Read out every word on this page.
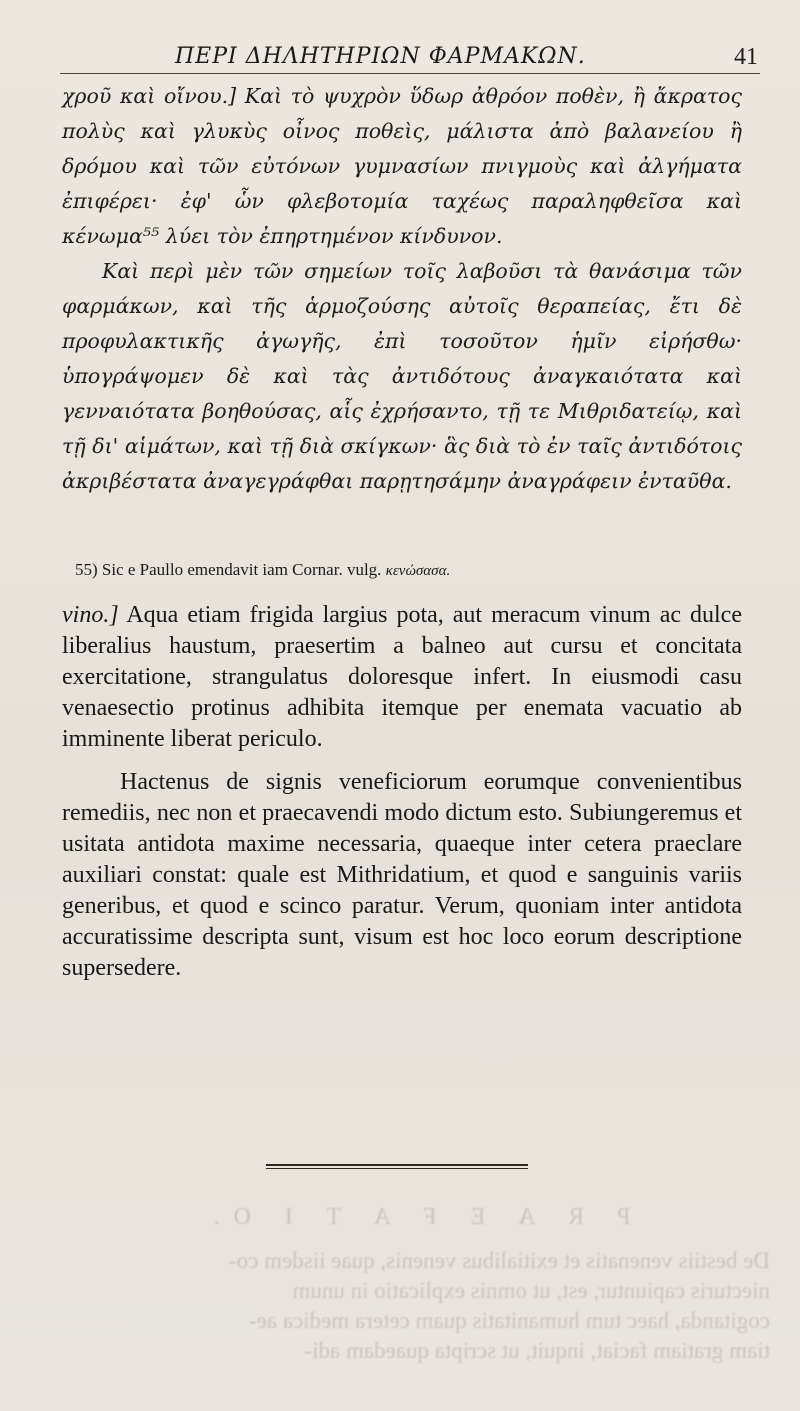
ΠΕΡΙ ΔΗΛΗΤΗΡΙΩΝ ΦΑΡΜΑΚΩΝ.	41

χροῦ καὶ οἴνου.] Καὶ τὸ ψυχρὸν ὕδωρ ἀθρόον ποθὲν, ἢ ἄκρατος πολὺς καὶ γλυκὺς οἶνος ποθεὶς, μάλιστα ἀπὸ βαλανείου ἢ δρόμου καὶ τῶν εὐτόνων γυμνασίων πνιγμοὺς καὶ ἀλγήματα ἐπιφέρει· ἐφ' ὧν φλεβοτομία ταχέως παραληφθεῖσα καὶ κένωμα⁵⁵ λύει τὸν ἐπηρτημένον κίνδυνον.

Καὶ περὶ μὲν τῶν σημείων τοῖς λαβοῦσι τὰ θανάσιμα τῶν φαρμάκων, καὶ τῆς ἁρμοζούσης αὐτοῖς θεραπείας, ἔτι δὲ προφυλακτικῆς ἀγωγῆς, ἐπὶ τοσοῦτον ἡμῖν εἰρήσθω· ὑπογράψομεν δὲ καὶ τὰς ἀντιδότους ἀναγκαιότατα καὶ γενναιότατα βοηθούσας, αἷς ἐχρήσαντο, τῇ τε Μιθριδατείῳ, καὶ τῇ δι' αἱμάτων, καὶ τῇ διὰ σκίγκων· ἃς διὰ τὸ ἐν ταῖς ἀντιδότοις ἀκριβέστατα ἀναγεγράφθαι παρῃτησάμην ἀναγράφειν ἐνταῦθα.

55) Sic e Paullo emendavit iam Cornar. vulg. κενώσασα.

vino.] Aqua etiam frigida largius pota, aut meracum vinum ac dulce liberalius haustum, praesertim a balneo aut cursu et concitata exercitatione, strangulatus doloresque infert. In eiusmodi casu venaesectio protinus adhibita itemque per enemata vacuatio ab imminente liberat periculo.

Hactenus de signis veneficiorum eorumque convenientibus remediis, nec non et praecavendi modo dictum esto. Subiungeremus et usitata antidota maxime necessaria, quaeque inter cetera praeclare auxiliari constat: quale est Mithridatium, et quod e sanguinis variis generibus, et quod e scinco paratur. Verum, quoniam inter antidota accuratissime descripta sunt, visum est hoc loco eorum descriptione supersedere.

P R A E F A T I O.
De bestiis venenatis et exitialibus venenis, quae iisdem co-
niecturis capiuntur, est, ut omnis explicatio in unum
cogitanda, haec tum humanitatis quam cetera medica ae-
tiam gratiam faciat, inquit, ut scripta quaedam adi-
